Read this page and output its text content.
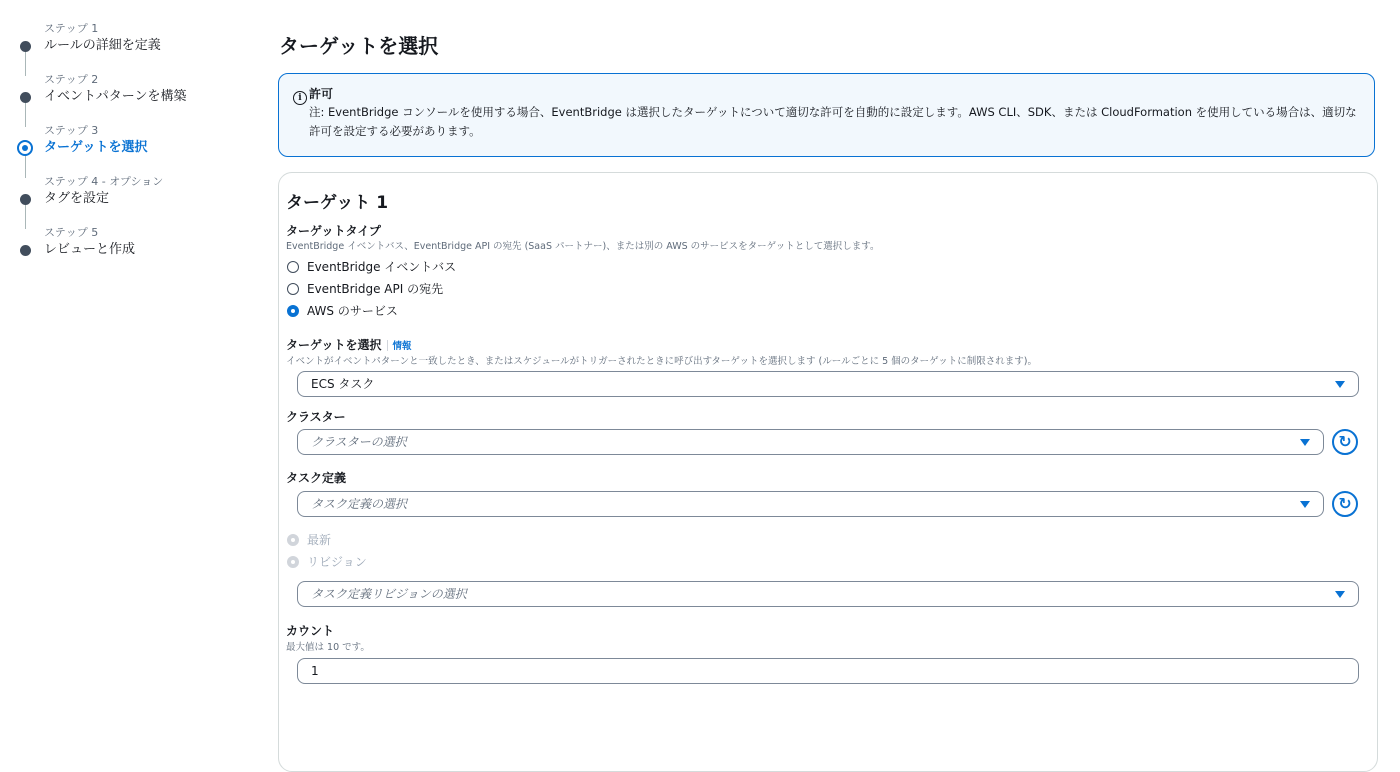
ステップ 1
ルールの詳細を定義
ステップ 2
イベントパターンを構築
ステップ 3
ターゲットを選択
ステップ 4 - オプション
タグを設定
ステップ 5
レビューと作成
ターゲットを選択
i 許可
注: EventBridge コンソールを使用する場合、EventBridge は選択したターゲットについて適切な許可を自動的に設定します。AWS CLI、SDK、または CloudFormation を使用している場合は、適切な許可を設定する必要があります。
ターゲット 1
ターゲットタイプ
EventBridge イベントバス、EventBridge API の宛先 (SaaS パートナー)、または別の AWS のサービスをターゲットとして選択します。
EventBridge イベントバス
EventBridge API の宛先
AWS のサービス
ターゲットを選択 情報
イベントがイベントパターンと一致したとき、またはスケジュールがトリガーされたときに呼び出すターゲットを選択します (ルールごとに 5 個のターゲットに制限されます)。
ECS タスク
クラスター
クラスターの選択	↻
タスク定義
タスク定義の選択	↻
最新
リビジョン
タスク定義リビジョンの選択
カウント
最大値は 10 です。
1
